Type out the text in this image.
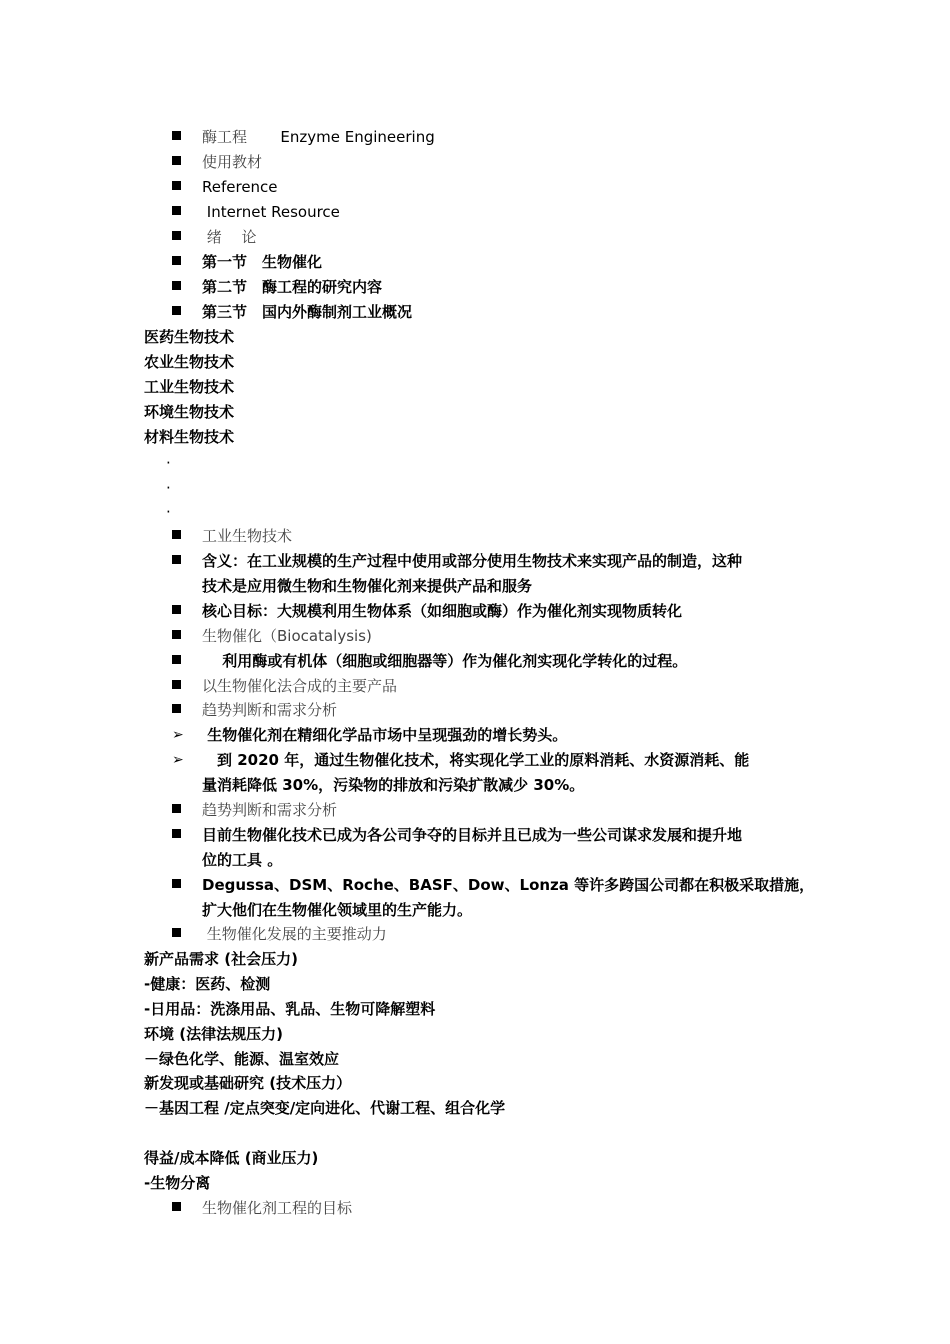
酶工程 Enzyme Engineering
使用教材
Reference
Internet Resource
绪　 论
第一节　生物催化
第二节　酶工程的研究内容
第三节　国内外酶制剂工业概况
医药生物技术
农业生物技术
工业生物技术
环境生物技术
材料生物技术
·
·
·
工业生物技术
含义：在工业规模的生产过程中使用或部分使用生物技术来实现产品的制造，这种
技术是应用微生物和生物催化剂来提供产品和服务
核心目标：大规模利用生物体系（如细胞或酶）作为催化剂实现物质转化
生物催化（Biocatalysis)
　 利用酶或有机体（细胞或细胞器等）作为催化剂实现化学转化的过程。
以生物催化法合成的主要产品
趋势判断和需求分析
➢ 生物催化剂在精细化学品市场中呈现强劲的增长势头。
➢ 　到 2020 年，通过生物催化技术，将实现化学工业的原料消耗、水资源消耗、能
量消耗降低 30%，污染物的排放和污染扩散减少 30%。
趋势判断和需求分析
目前生物催化技术已成为各公司争夺的目标并且已成为一些公司谋求发展和提升地
位的工具 。
Degussa、DSM、Roche、BASF、Dow、Lonza 等许多跨国公司都在积极采取措施，
扩大他们在生物催化领域里的生产能力。
生物催化发展的主要推动力
新产品需求 (社会压力)
-健康：医药、检测
-日用品：洗涤用品、乳品、生物可降解塑料
环境 (法律法规压力)
－绿色化学、能源、温室效应
新发现或基础研究 (技术压力）
－基因工程 /定点突变/定向进化、代谢工程、组合化学
得益/成本降低 (商业压力)
-生物分离
生物催化剂工程的目标
